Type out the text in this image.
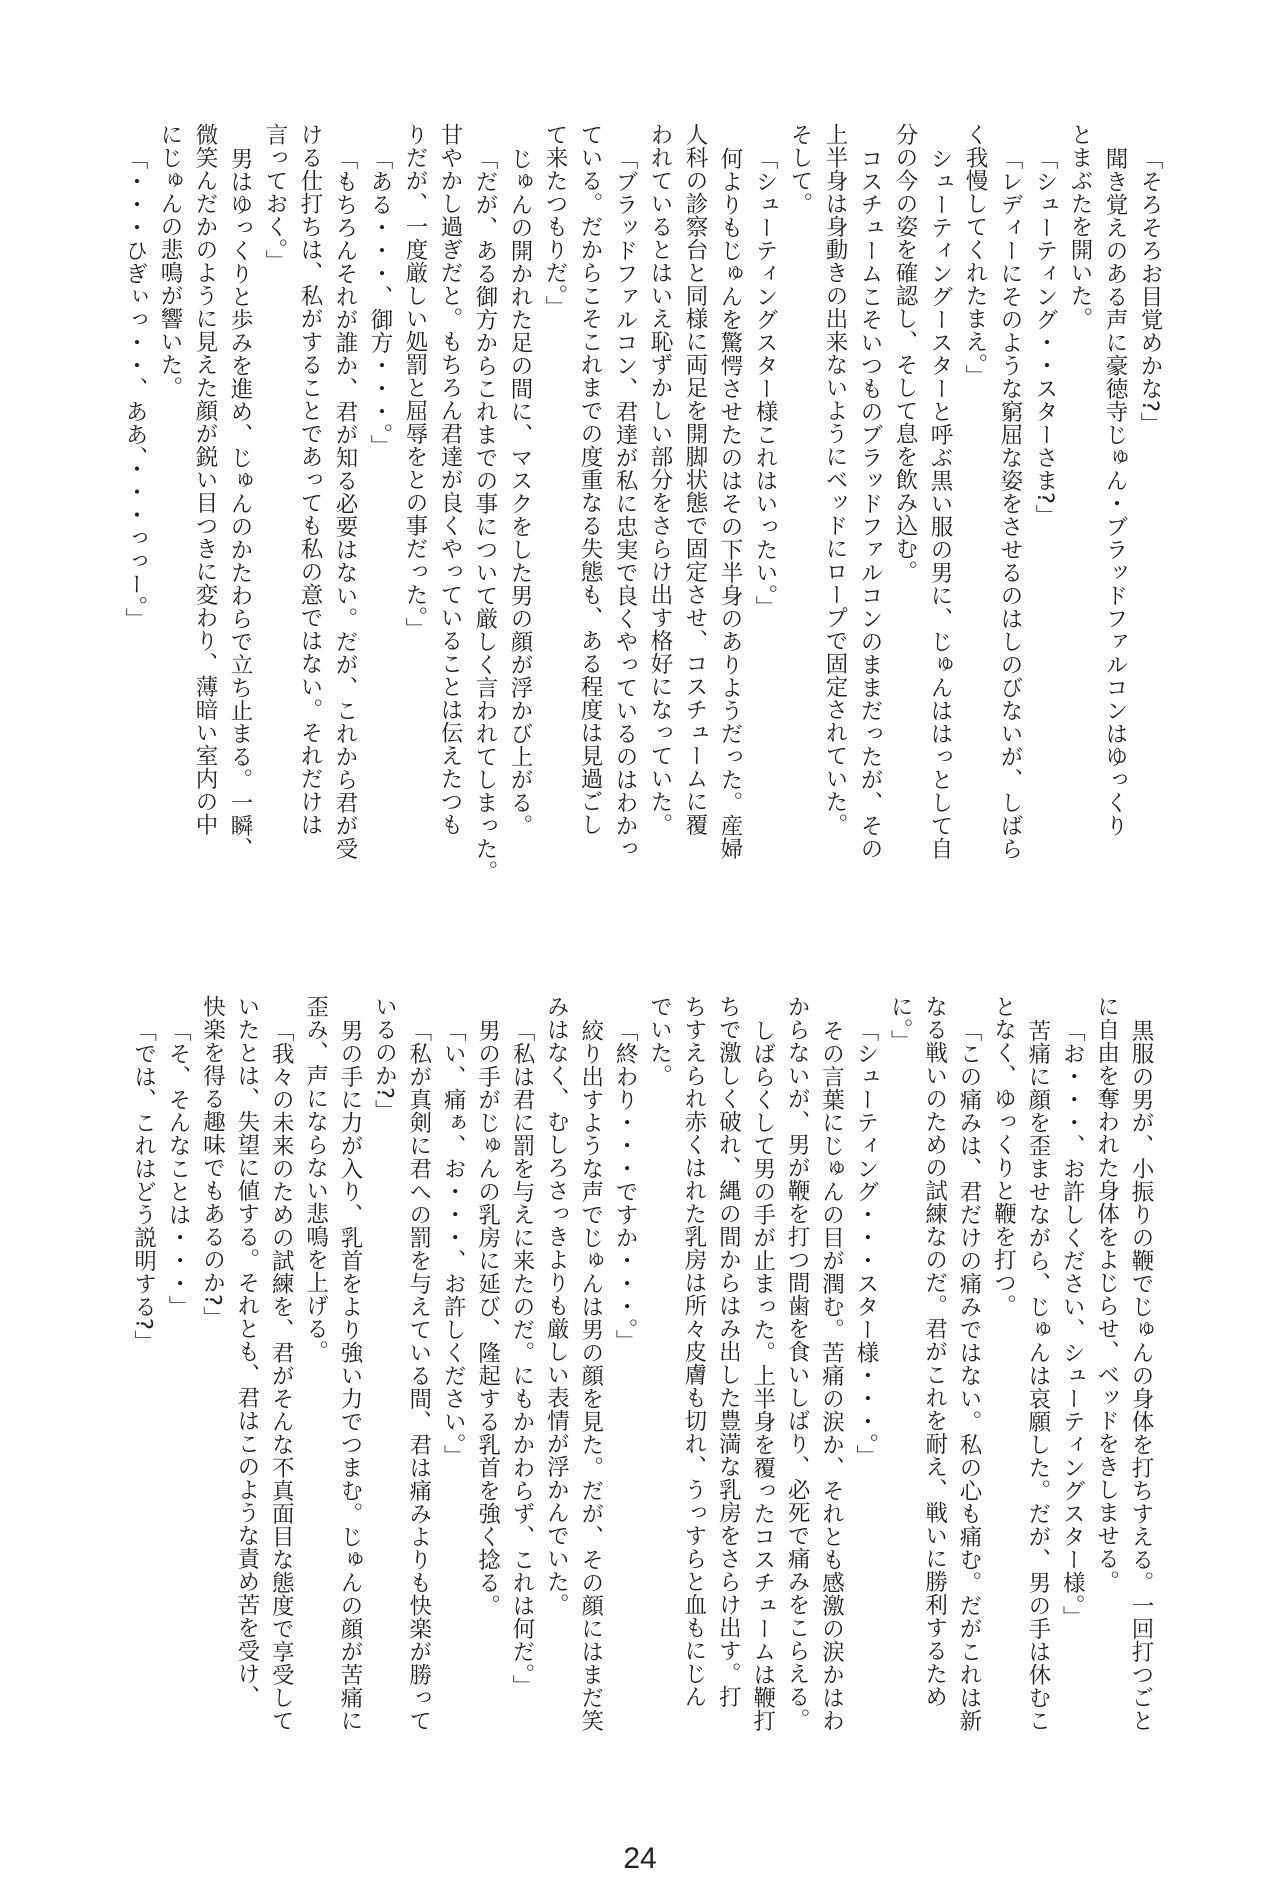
「そろそろお目覚めかな?」
聞き覚えのある声に豪徳寺じゅん・ブラッドファルコンはゆっくり
とまぶたを開いた。
「シューティング・・スターさま?」
「レディーにそのような窮屈な姿をさせるのはしのびないが、しばら
く我慢してくれたまえ。」
シューティングースターと呼ぶ黒い服の男に、じゅんははっとして自
分の今の姿を確認し、そして息を飲み込む。
コスチュームこそいつものブラッドファルコンのままだったが、その
上半身は身動きの出来ないようにベッドにロープで固定されていた。
そして。
「シューティングスター様これはいったい。」
何よりもじゅんを驚愕させたのはその下半身のありようだった。産婦
人科の診察台と同様に両足を開脚状態で固定させ、コスチュームに覆
われているとはいえ恥ずかしい部分をさらけ出す格好になっていた。
「ブラッドファルコン、君達が私に忠実で良くやっているのはわかっ
ている。だからこそこれまでの度重なる失態も、ある程度は見過ごし
て来たつもりだ。」
じゅんの開かれた足の間に、マスクをした男の顔が浮かび上がる。
「だが、ある御方からこれまでの事について厳しく言われてしまった。
甘やかし過ぎだと。もちろん君達が良くやっていることは伝えたつも
りだが、一度厳しい処罰と屈辱をとの事だった。」
「ある・・・、御方・・・。」
「もちろんそれが誰か、君が知る必要はない。だが、これから君が受
ける仕打ちは、私がすることであっても私の意ではない。それだけは
言っておく。」
男はゆっくりと歩みを進め、じゅんのかたわらで立ち止まる。一瞬、
微笑んだかのように見えた顔が鋭い目つきに変わり、薄暗い室内の中
にじゅんの悲鳴が響いた。
「・・・ひぎぃっ・・、ああ、・・・っっー。」
黒服の男が、小振りの鞭でじゅんの身体を打ちすえる。一回打つごと
に自由を奪われた身体をよじらせ、ベッドをきしませる。
「お・・・、お許しください、シューティングスター様。」
苦痛に顔を歪ませながら、じゅんは哀願した。だが、男の手は休むこ
となく、ゆっくりと鞭を打つ。
「この痛みは、君だけの痛みではない。私の心も痛む。だがこれは新
なる戦いのための試練なのだ。君がこれを耐え、戦いに勝利するため
に。」
「シューティング・・・スター様・・・。」
その言葉にじゅんの目が潤む。苦痛の涙か、それとも感激の涙かはわ
からないが、男が鞭を打つ間歯を食いしばり、必死で痛みをこらえる。
しばらくして男の手が止まった。上半身を覆ったコスチュームは鞭打
ちで激しく破れ、縄の間からはみ出した豊満な乳房をさらけ出す。打
ちすえられ赤くはれた乳房は所々皮膚も切れ、うっすらと血もにじん
でいた。
「終わり・・・ですか・・・。」
絞り出すような声でじゅんは男の顔を見た。だが、その顔にはまだ笑
みはなく、むしろさっきよりも厳しい表情が浮かんでいた。
「私は君に罰を与えに来たのだ。にもかかわらず、これは何だ。」
男の手がじゅんの乳房に延び、隆起する乳首を強く捻る。
「い、痛ぁ、お・・・、お許しください。」
「私が真剣に君への罰を与えている間、君は痛みよりも快楽が勝って
いるのか?」
男の手に力が入り、乳首をより強い力でつまむ。じゅんの顔が苦痛に
歪み、声にならない悲鳴を上げる。
「我々の未来のための試練を、君がそんな不真面目な態度で享受して
いたとは、失望に値する。それとも、君はこのような責め苦を受け、
快楽を得る趣味でもあるのか?」
「そ、そんなことは・・・」
「では、これはどう説明する?」
24
